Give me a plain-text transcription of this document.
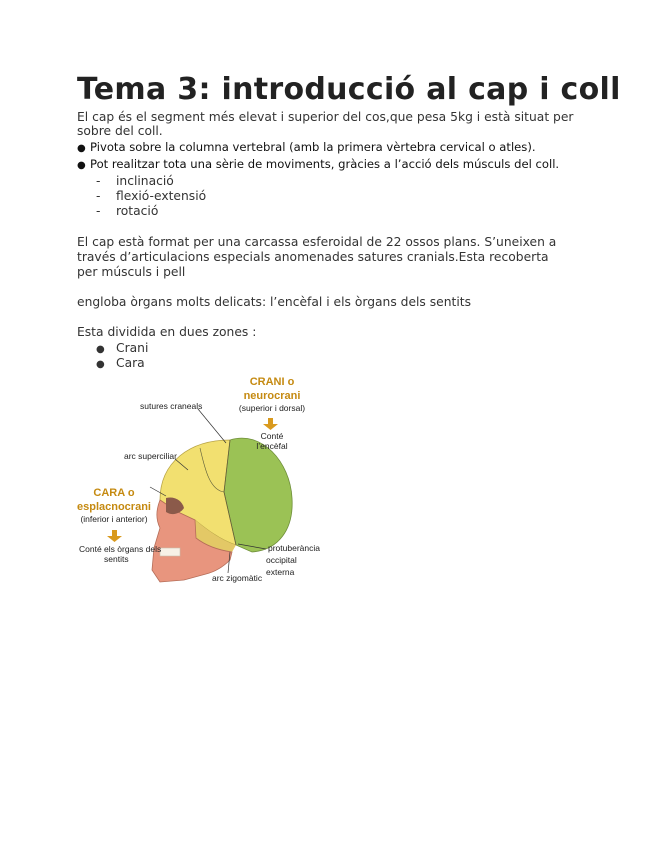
Tema 3: introducció al cap i coll

El cap és el segment més elevat i superior del cos,que pesa 5kg i està situat per

sobre del coll.

● Pivota sobre la columna vertebral (amb la primera vèrtebra cervical o atles).
● Pot realitzar tota una sèrie de moviments, gràcies a l’acció dels músculs del coll.
- inclinació
- flexió-extensió
- rotació

El cap està format per una carcassa esferoidal de 22 ossos plans. S’uneixen a

través d’articulacions especials anomenades satures cranials.Esta recoberta

per músculs i pell

engloba òrgans molts delicats: l’encèfal i els òrgans dels sentits

Esta dividida en dues zones :

● Crani
● Cara
CRANI o
neurocrani
(superior i dorsal)
Conté
l’encèfal
sutures craneals
arc superciliar
CARA o
esplacnocrani
(inferior i anterior)
Conté els òrgans dels
sentits
protuberància
occipital
externa
arc zigomàtic
